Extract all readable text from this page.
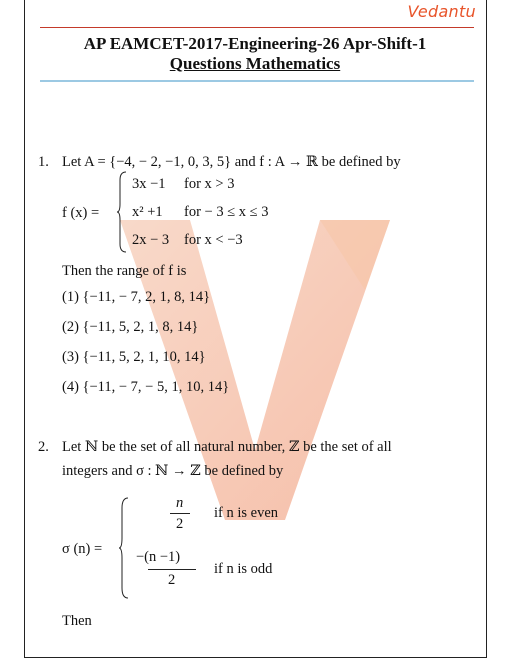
Vedantu
AP EAMCET-2017-Engineering-26 Apr-Shift-1
Questions Mathematics
1. Let A = {−4, − 2, −1, 0, 3, 5} and f : A → ℝ be defined by
f (x) =
3x −1 for x > 3
x² +1 for − 3 ≤ x ≤ 3
2x − 3 for x < −3
Then the range of f is
(1) {−11, − 7, 2, 1, 8, 14}
(2) {−11, 5, 2, 1, 8, 14}
(3) {−11, 5, 2, 1, 10, 14}
(4) {−11, − 7, − 5, 1, 10, 14}
2. Let ℕ be the set of all natural number, ℤ be the set of all
integers and σ : ℕ → ℤ be defined by
σ (n) =
n
2
if n is even
−(n −1)
2
if n is odd
Then
